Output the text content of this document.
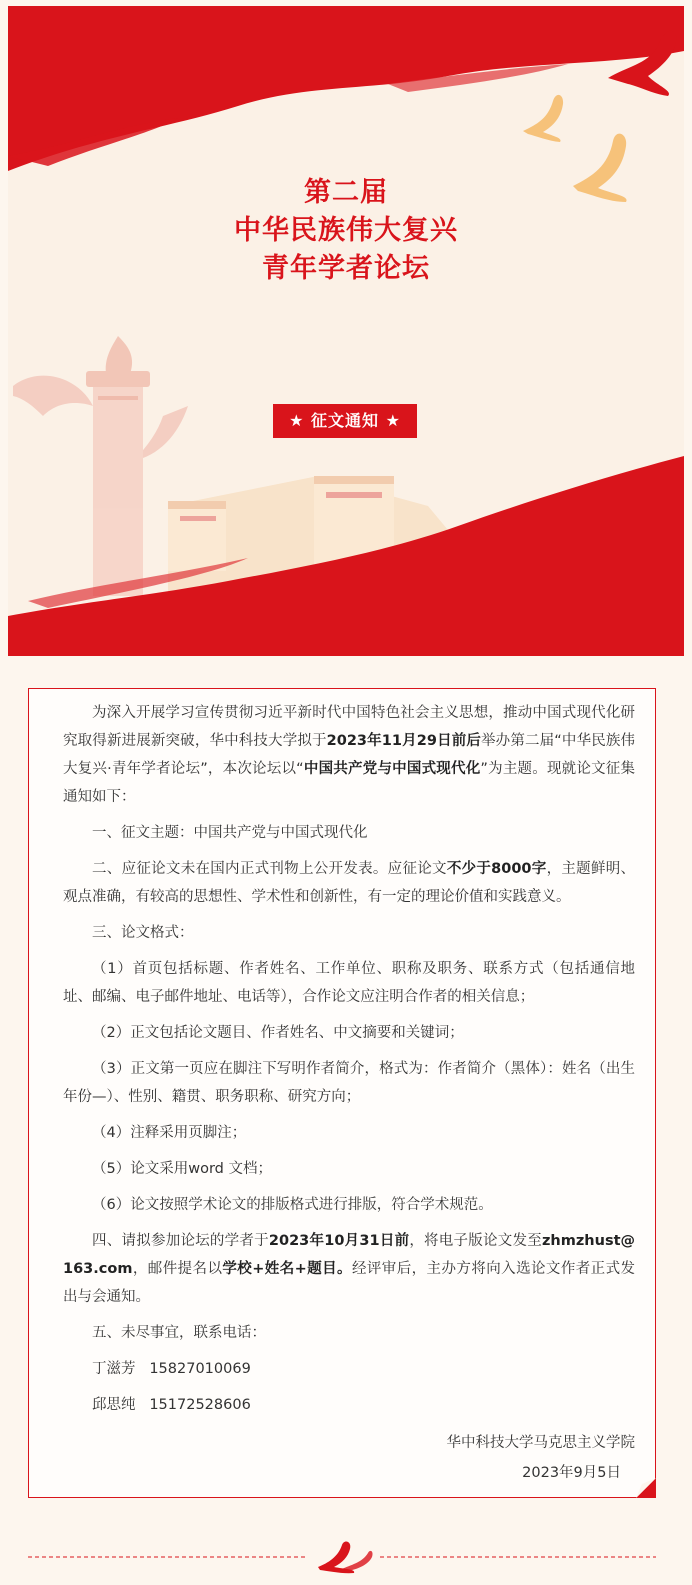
第二届
中华民族伟大复兴
青年学者论坛
★ 征文通知 ★

为深入开展学习宣传贯彻习近平新时代中国特色社会主义思想，推动中国式现代化研究取得新进展新突破，华中科技大学拟于2023年11月29日前后举办第二届“中华民族伟大复兴·青年学者论坛”，本次论坛以“中国共产党与中国式现代化”为主题。现就论文征集通知如下：

一、征文主题：中国共产党与中国式现代化

二、应征论文未在国内正式刊物上公开发表。应征论文不少于8000字，主题鲜明、观点准确，有较高的思想性、学术性和创新性，有一定的理论价值和实践意义。

三、论文格式：

（1）首页包括标题、作者姓名、工作单位、职称及职务、联系方式（包括通信地址、邮编、电子邮件地址、电话等），合作论文应注明合作者的相关信息；

（2）正文包括论文题目、作者姓名、中文摘要和关键词；

（3）正文第一页应在脚注下写明作者简介，格式为：作者简介（黑体）：姓名（出生年份—）、性别、籍贯、职务职称、研究方向；

（4）注释采用页脚注；

（5）论文采用word 文档；

（6）论文按照学术论文的排版格式进行排版，符合学术规范。

四、请拟参加论坛的学者于2023年10月31日前，将电子版论文发至zhmzhust@163.com，邮件提名以学校+姓名+题目。经评审后，主办方将向入选论文作者正式发出与会通知。

五、未尽事宜，联系电话：

丁滋芳   15827010069

邱思纯   15172528606

华中科技大学马克思主义学院
2023年9月5日
